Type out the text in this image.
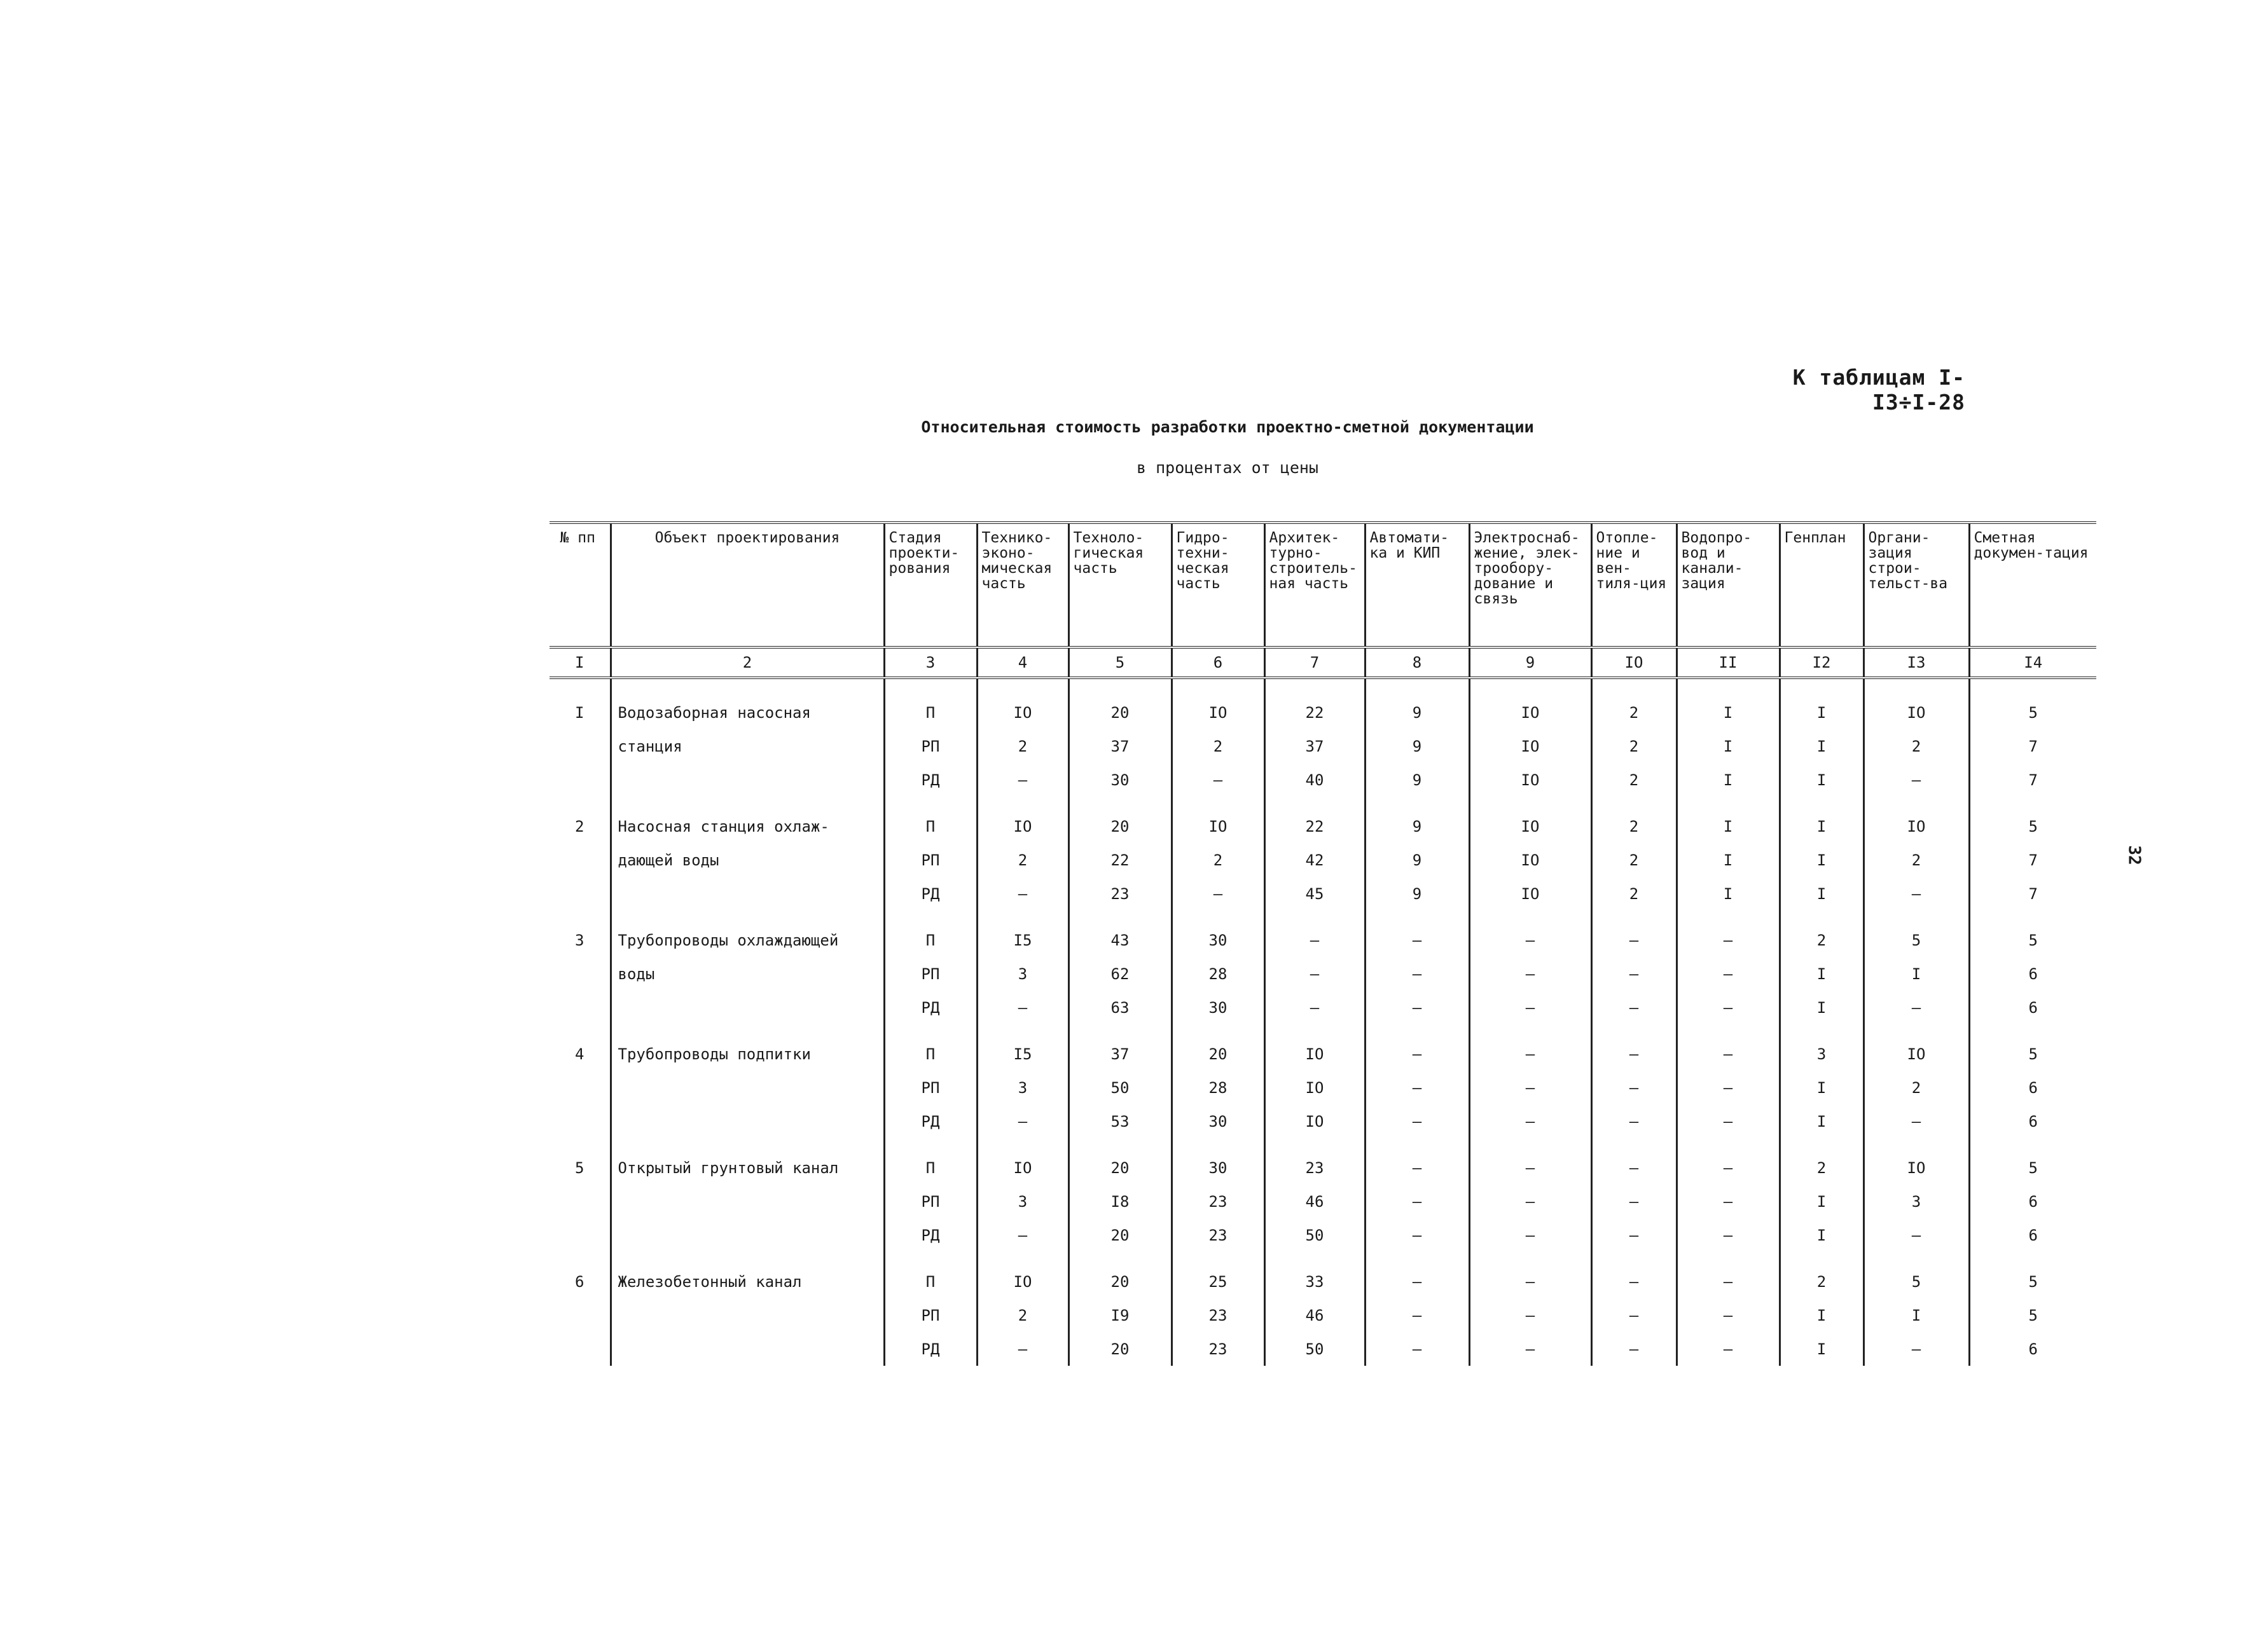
К таблицам I-I3÷I-28
Относительная стоимость разработки проектно-сметной документации
в процентах от цены
32
№ пп	Объект проектирования	Стадия проекти-рования	Технико-эконо-мическая часть	Техноло-гическая часть	Гидро-техни-ческая часть	Архитек-турно-строитель-ная часть	Автомати-ка и КИП	Электроснаб-жение, элек-трообору-дование и связь	Отопле-ние и вен-тиля-ция	Водопро-вод и канали-зация	Генплан	Органи-зация строи-тельст-ва	Сметная докумен-тация
I	2	3	4	5	6	7	8	9	IO	II	I2	I3	I4
I	Водозаборная насосная	П	IO	20	IO	22	9	IO	2	I	I	IO	5
	станция	РП	2	37	2	37	9	IO	2	I	I	2	7
		РД	–	30	–	40	9	IO	2	I	I	–	7

2	Насосная станция охлаж-	П	IO	20	IO	22	9	IO	2	I	I	IO	5
	дающей воды	РП	2	22	2	42	9	IO	2	I	I	2	7
		РД	–	23	–	45	9	IO	2	I	I	–	7

3	Трубопроводы охлаждающей	П	I5	43	30	–	–	–	–	–	2	5	5
	воды	РП	3	62	28	–	–	–	–	–	I	I	6
		РД	–	63	30	–	–	–	–	–	I	–	6

4	Трубопроводы подпитки	П	I5	37	20	IO	–	–	–	–	3	IO	5
		РП	3	50	28	IO	–	–	–	–	I	2	6
		РД	–	53	30	IO	–	–	–	–	I	–	6

5	Открытый грунтовый канал	П	IO	20	30	23	–	–	–	–	2	IO	5
		РП	3	I8	23	46	–	–	–	–	I	3	6
		РД	–	20	23	50	–	–	–	–	I	–	6

6	Железобетонный канал	П	IO	20	25	33	–	–	–	–	2	5	5
		РП	2	I9	23	46	–	–	–	–	I	I	5
		РД	–	20	23	50	–	–	–	–	I	–	6
